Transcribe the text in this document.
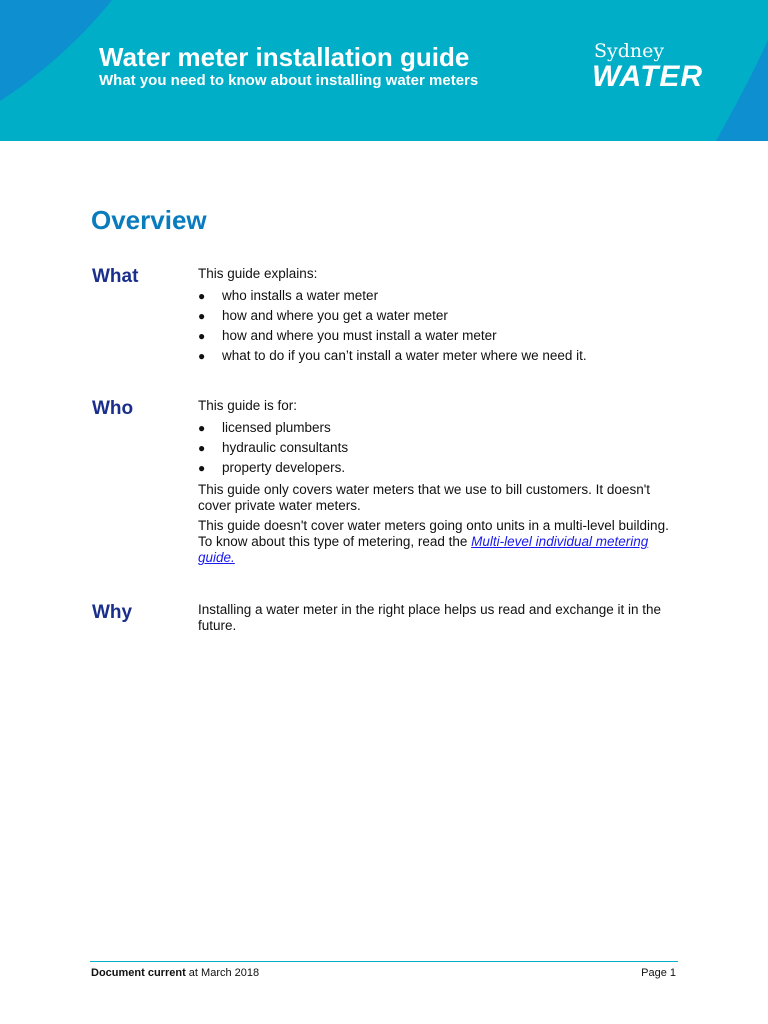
Water meter installation guide

What you need to know about installing water meters

Sydney
WATER
Overview
What	This guide explains:

● who installs a water meter
● how and where you get a water meter
● how and where you must install a water meter
● what to do if you can’t install a water meter where we need it.
Who	This guide is for:

● licensed plumbers
● hydraulic consultants
● property developers.

This guide only covers water meters that we use to bill customers. It doesn't cover private water meters.

This guide doesn't cover water meters going onto units in a multi-level building. To know about this type of metering, read the Multi-level individual metering guide.

Why	Installing a water meter in the right place helps us read and exchange it in the future.

Document current at March 2018	Page 1
